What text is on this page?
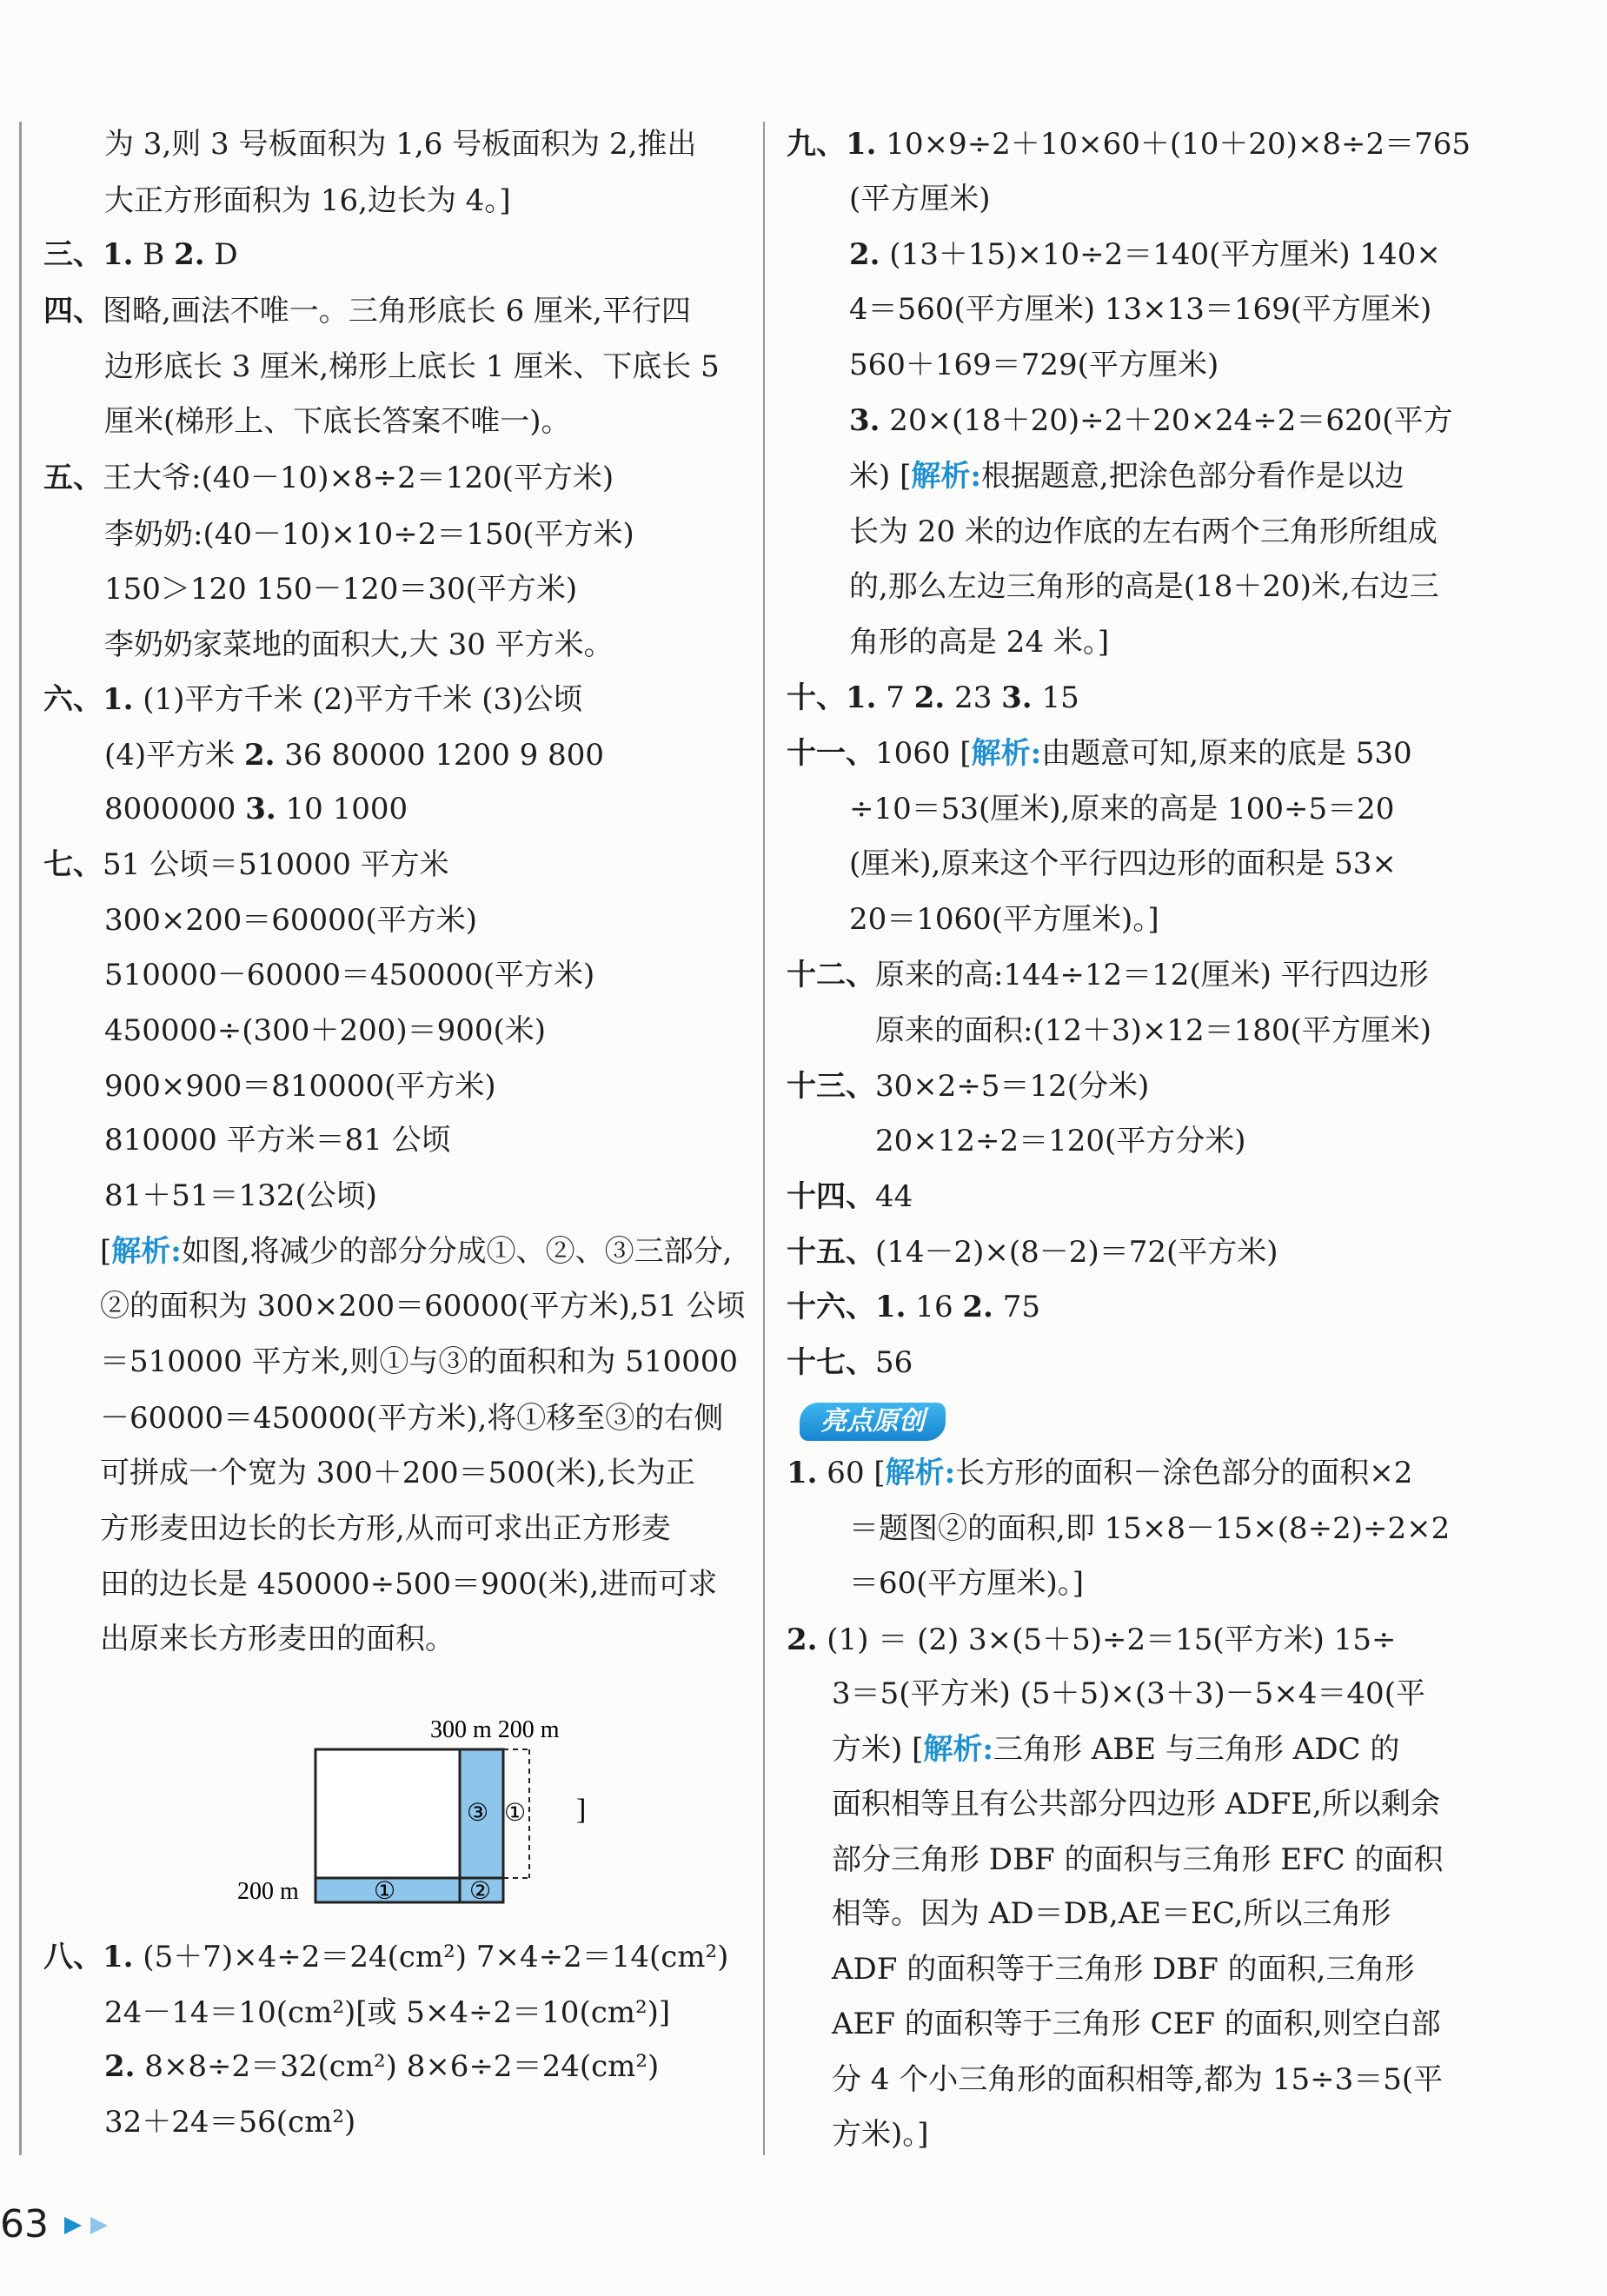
为 3,则 3 号板面积为 1,6 号板面积为 2,推出
大正方形面积为 16,边长为 4。]
三、1. B 2. D
四、图略,画法不唯一。三角形底长 6 厘米,平行四
边形底长 3 厘米,梯形上底长 1 厘米、下底长 5
厘米(梯形上、下底长答案不唯一)。
五、王大爷:(40－10)×8÷2＝120(平方米)
李奶奶:(40－10)×10÷2＝150(平方米)
150＞120 150－120＝30(平方米)
李奶奶家菜地的面积大,大 30 平方米。
六、1. (1)平方千米 (2)平方千米 (3)公顷
(4)平方米 2. 36 80000 1200 9 800
8000000 3. 10 1000
七、51 公顷＝510000 平方米
300×200＝60000(平方米)
510000－60000＝450000(平方米)
450000÷(300＋200)＝900(米)
900×900＝810000(平方米)
810000 平方米＝81 公顷
81＋51＝132(公顷)
[解析:如图,将减少的部分分成①、②、③三部分,
②的面积为 300×200＝60000(平方米),51 公顷
＝510000 平方米,则①与③的面积和为 510000
－60000＝450000(平方米),将①移至③的右侧
可拼成一个宽为 300＋200＝500(米),长为正
方形麦田边长的长方形,从而可求出正方形麦
田的边长是 450000÷500＝900(米),进而可求
出原来长方形麦田的面积。
八、1. (5＋7)×4÷2＝24(cm²) 7×4÷2＝14(cm²)
24－14＝10(cm²)[或 5×4÷2＝10(cm²)]
2. 8×8÷2＝32(cm²) 8×6÷2＝24(cm²)
32＋24＝56(cm²)
九、1. 10×9÷2＋10×60＋(10＋20)×8÷2＝765
(平方厘米)
2. (13＋15)×10÷2＝140(平方厘米) 140×
4＝560(平方厘米) 13×13＝169(平方厘米)
560＋169＝729(平方厘米)
3. 20×(18＋20)÷2＋20×24÷2＝620(平方
米) [解析:根据题意,把涂色部分看作是以边
长为 20 米的边作底的左右两个三角形所组成
的,那么左边三角形的高是(18＋20)米,右边三
角形的高是 24 米。]
十、1. 7 2. 23 3. 15
十一、1060 [解析:由题意可知,原来的底是 530
÷10＝53(厘米),原来的高是 100÷5＝20
(厘米),原来这个平行四边形的面积是 53×
20＝1060(平方厘米)。]
十二、原来的高:144÷12＝12(厘米) 平行四边形
原来的面积:(12＋3)×12＝180(平方厘米)
十三、30×2÷5＝12(分米)
20×12÷2＝120(平方分米)
十四、44
十五、(14－2)×(8－2)＝72(平方米)
十六、1. 16 2. 75
十七、56
1. 60 [解析:长方形的面积－涂色部分的面积×2
＝题图②的面积,即 15×8－15×(8÷2)÷2×2
＝60(平方厘米)。]
2. (1) ＝ (2) 3×(5＋5)÷2＝15(平方米) 15÷
3＝5(平方米) (5＋5)×(3＋3)－5×4＝40(平
方米) [解析:三角形 ABE 与三角形 ADC 的
面积相等且有公共部分四边形 ADFE,所以剩余
部分三角形 DBF 的面积与三角形 EFC 的面积
相等。因为 AD＝DB,AE＝EC,所以三角形
ADF 的面积等于三角形 DBF 的面积,三角形
AEF 的面积等于三角形 CEF 的面积,则空白部
分 4 个小三角形的面积相等,都为 15÷3＝5(平
方米)。]
亮点原创
300 m 200 m
200 m	①	②
③ ① ]
63
